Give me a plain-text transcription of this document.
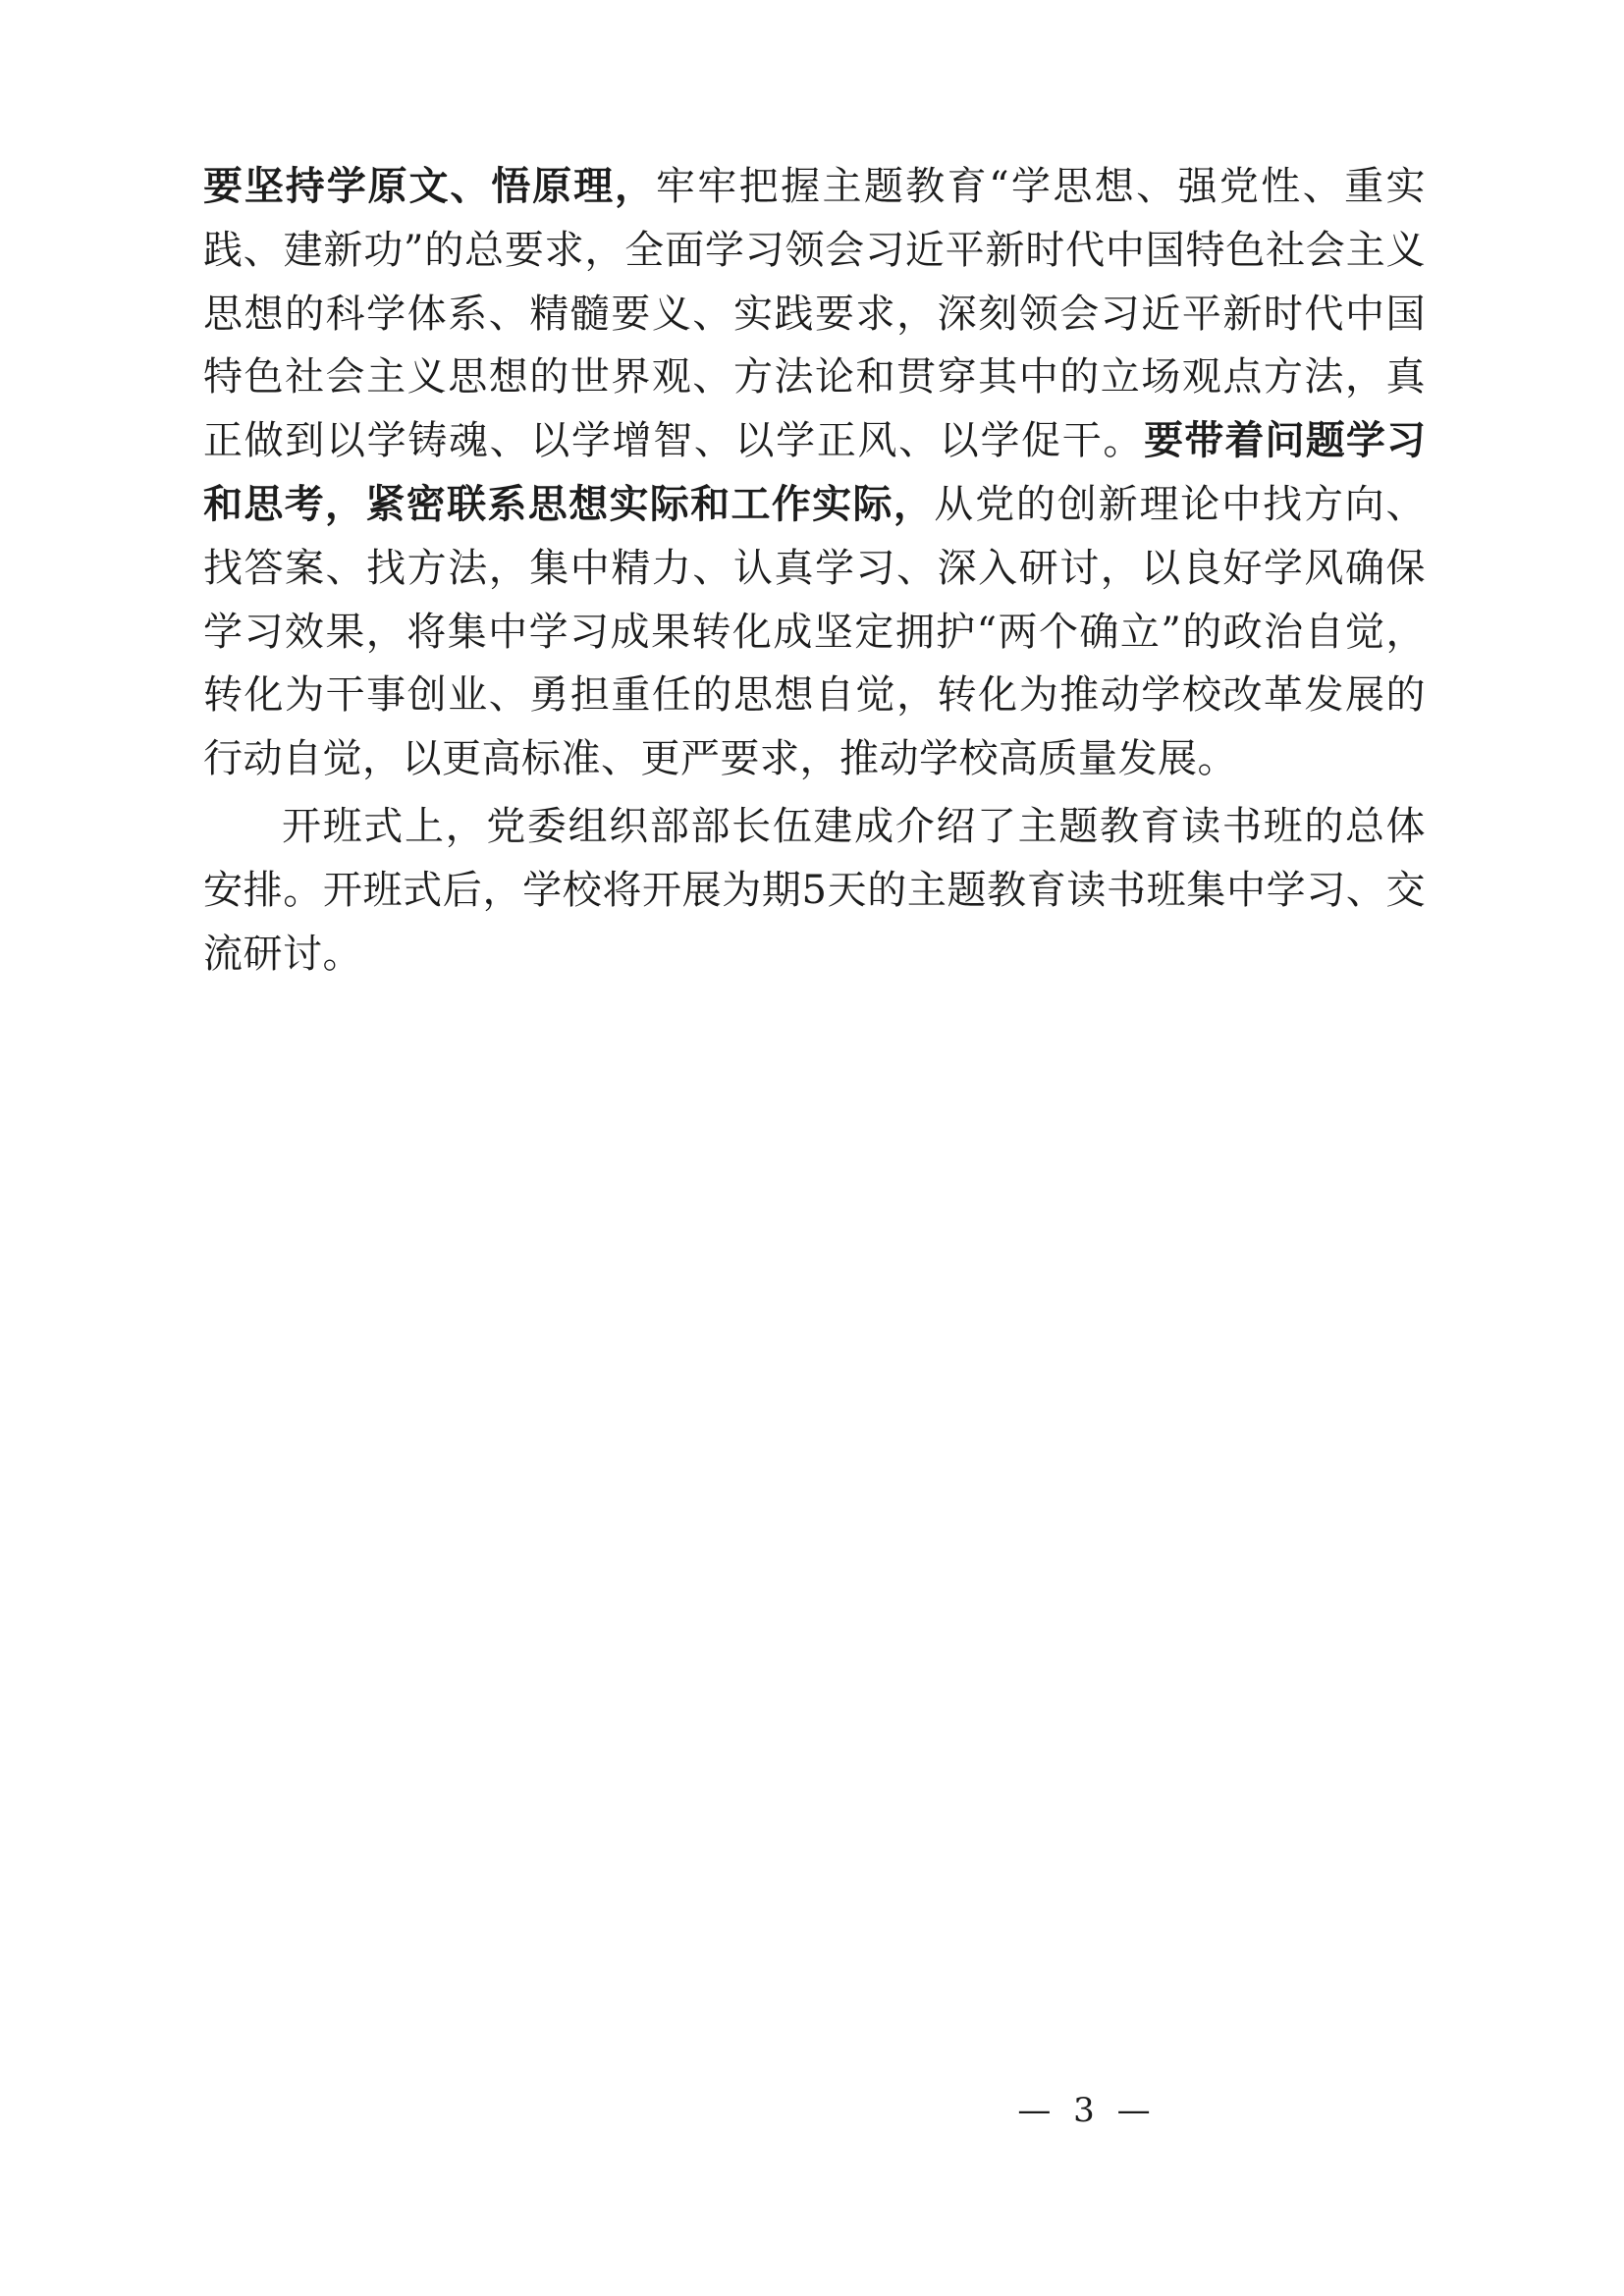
要坚持学原文、悟原理，牢牢把握主题教育“学思想、强党性、重实践、建新功”的总要求，全面学习领会习近平新时代中国特色社会主义思想的科学体系、精髓要义、实践要求，深刻领会习近平新时代中国特色社会主义思想的世界观、方法论和贯穿其中的立场观点方法，真正做到以学铸魂、以学增智、以学正风、以学促干。要带着问题学习和思考，紧密联系思想实际和工作实际，从党的创新理论中找方向、找答案、找方法，集中精力、认真学习、深入研讨，以良好学风确保学习效果，将集中学习成果转化成坚定拥护“两个确立”的政治自觉，转化为干事创业、勇担重任的思想自觉，转化为推动学校改革发展的行动自觉，以更高标准、更严要求，推动学校高质量发展。
开班式上，党委组织部部长伍建成介绍了主题教育读书班的总体安排。开班式后，学校将开展为期5天的主题教育读书班集中学习、交流研讨。
— 3 —
